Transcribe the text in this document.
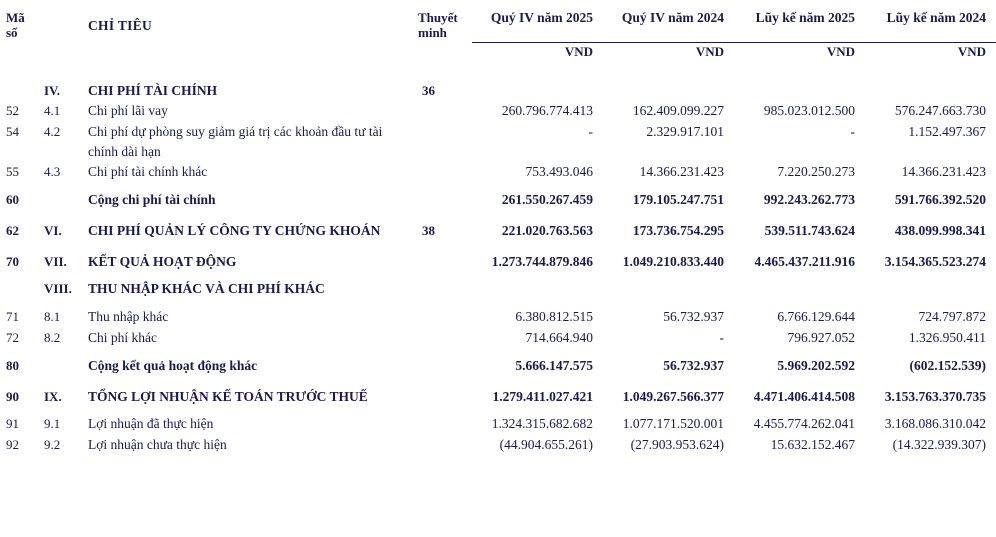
Mã
số		CHỈ TIÊU	Thuyết
minh	Quý IV năm 2025	Quý IV năm 2024	Lũy kế năm 2025	Lũy kế năm 2024
				VND	VND	VND	VND

	IV.	CHI PHÍ TÀI CHÍNH	36				
52	4.1	Chi phí lãi vay		260.796.774.413	162.409.099.227	985.023.012.500	576.247.663.730
54	4.2	Chi phí dự phòng suy giảm giá trị các khoản đầu tư tài chính dài hạn		-	2.329.917.101	-	1.152.497.367
55	4.3	Chi phí tài chính khác		753.493.046	14.366.231.423	7.220.250.273	14.366.231.423

60		Cộng chi phí tài chính		261.550.267.459	179.105.247.751	992.243.262.773	591.766.392.520

62	VI.	CHI PHÍ QUẢN LÝ CÔNG TY CHỨNG KHOÁN	38	221.020.763.563	173.736.754.295	539.511.743.624	438.099.998.341

70	VII.	KẾT QUẢ HOẠT ĐỘNG		1.273.744.879.846	1.049.210.833.440	4.465.437.211.916	3.154.365.523.274

	VIII.	THU NHẬP KHÁC VÀ CHI PHÍ KHÁC					

71	8.1	Thu nhập khác		6.380.812.515	56.732.937	6.766.129.644	724.797.872
72	8.2	Chi phí khác		714.664.940	-	796.927.052	1.326.950.411

80		Cộng kết quả hoạt động khác		5.666.147.575	56.732.937	5.969.202.592	(602.152.539)

90	IX.	TỔNG LỢI NHUẬN KẾ TOÁN TRƯỚC THUẾ		1.279.411.027.421	1.049.267.566.377	4.471.406.414.508	3.153.763.370.735

91	9.1	Lợi nhuận đã thực hiện		1.324.315.682.682	1.077.171.520.001	4.455.774.262.041	3.168.086.310.042
92	9.2	Lợi nhuận chưa thực hiện		(44.904.655.261)	(27.903.953.624)	15.632.152.467	(14.322.939.307)
